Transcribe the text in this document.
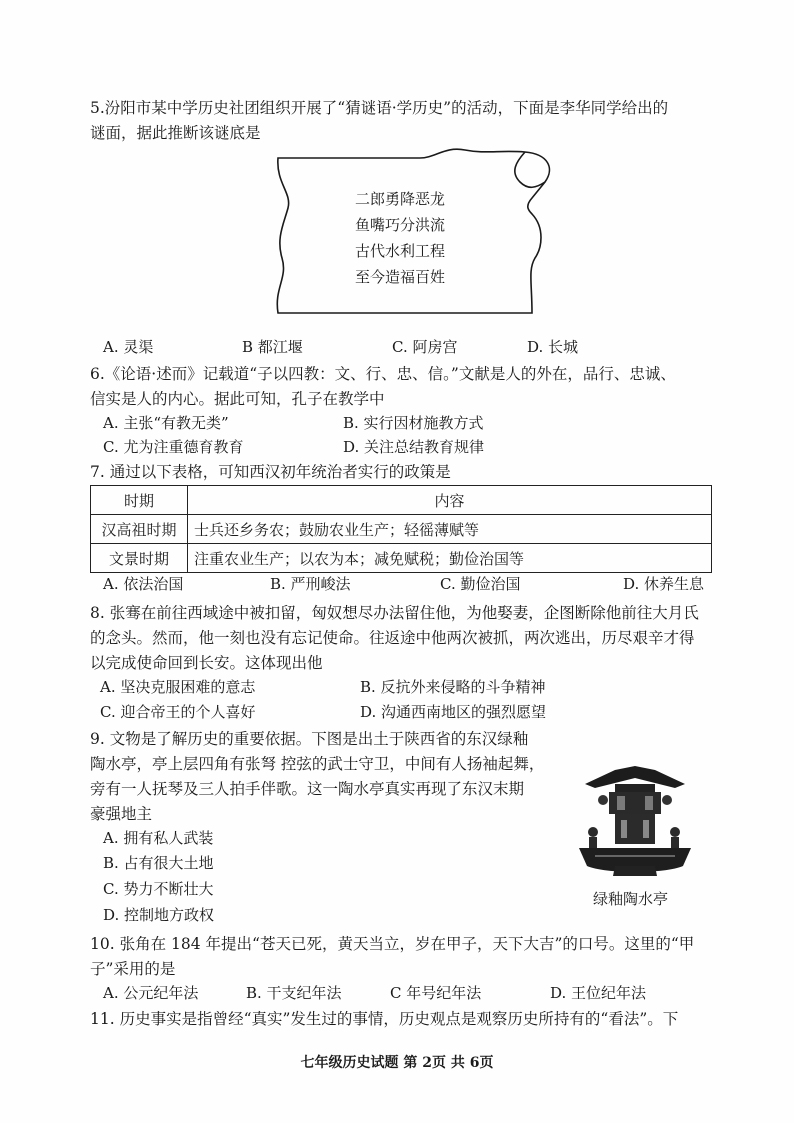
5.汾阳市某中学历史社团组织开展了“猜谜语·学历史”的活动，下面是李华同学给出的
谜面，据此推断该谜底是
二郎勇降恶龙
鱼嘴巧分洪流
古代水利工程
至今造福百姓
A. 灵渠	B 都江堰	C. 阿房宫	D. 长城
6.《论语·述而》记载道“子以四教：文、行、忠、信。”文献是人的外在，品行、忠诚、
信实是人的内心。据此可知，孔子在教学中
A. 主张“有教无类”	B. 实行因材施教方式
C. 尤为注重德育教育	D. 关注总结教育规律
7. 通过以下表格，可知西汉初年统治者实行的政策是
时期	内容
汉高祖时期	士兵还乡务农；鼓励农业生产；轻徭薄赋等
文景时期	注重农业生产；以农为本；减免赋税；勤俭治国等
A. 依法治国	B. 严刑峻法	C. 勤俭治国	D. 休养生息
8. 张骞在前往西域途中被扣留，匈奴想尽办法留住他，为他娶妻，企图断除他前往大月氏
的念头。然而，他一刻也没有忘记使命。往返途中他两次被抓，两次逃出，历尽艰辛才得
以完成使命回到长安。这体现出他
A. 坚决克服困难的意志	B. 反抗外来侵略的斗争精神
C. 迎合帝王的个人喜好	D. 沟通西南地区的强烈愿望
9. 文物是了解历史的重要依据。下图是出土于陕西省的东汉绿釉
陶水亭，亭上层四角有张弩 控弦的武士守卫，中间有人扬袖起舞，
旁有一人抚琴及三人拍手伴歌。这一陶水亭真实再现了东汉末期
豪强地主
A. 拥有私人武装
B. 占有很大土地
C. 势力不断壮大
D. 控制地方政权
绿釉陶水亭
10. 张角在 184 年提出“苍天已死，黄天当立，岁在甲子，天下大吉”的口号。这里的“甲
子”采用的是
A. 公元纪年法	B. 干支纪年法	C 年号纪年法	D. 王位纪年法
11. 历史事实是指曾经“真实”发生过的事情，历史观点是观察历史所持有的“看法”。下
七年级历史试题 第 2页 共 6页
